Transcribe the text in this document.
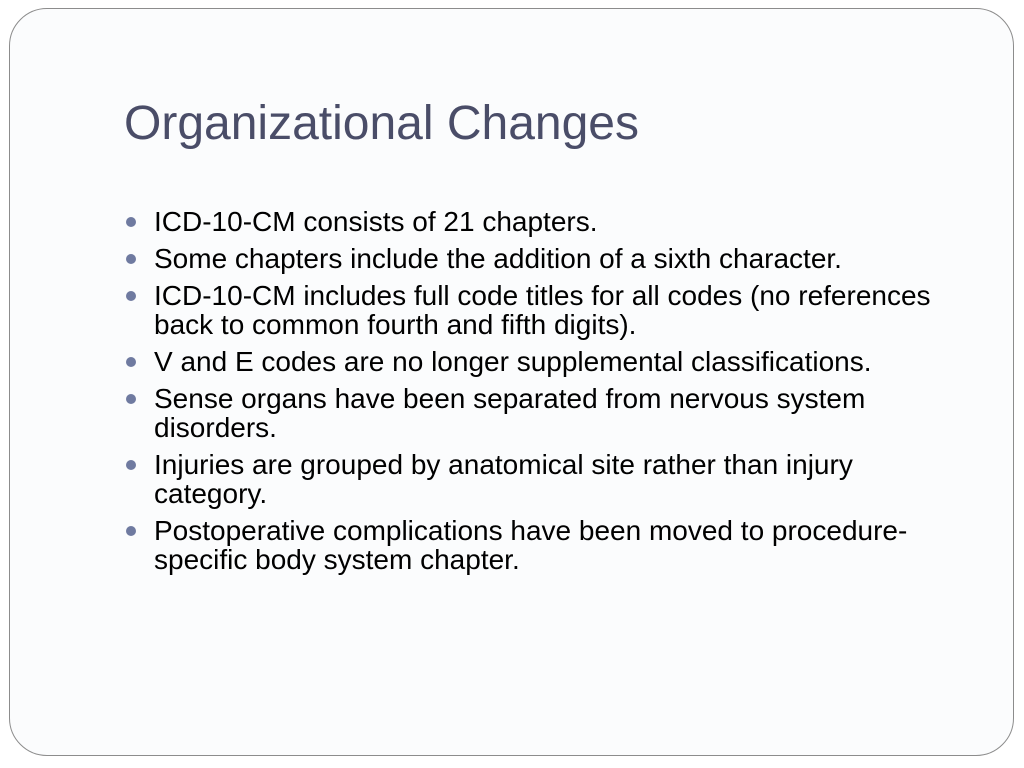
Organizational Changes
ICD-10-CM consists of 21 chapters.
Some chapters include the addition of a sixth character.
ICD-10-CM includes full code titles for all codes (no references back to common fourth and fifth digits).
V and E codes are no longer supplemental classifications.
Sense organs have been separated from nervous system disorders.
Injuries are grouped by anatomical site rather than injury category.
Postoperative complications have been moved to procedure-specific body system chapter.
